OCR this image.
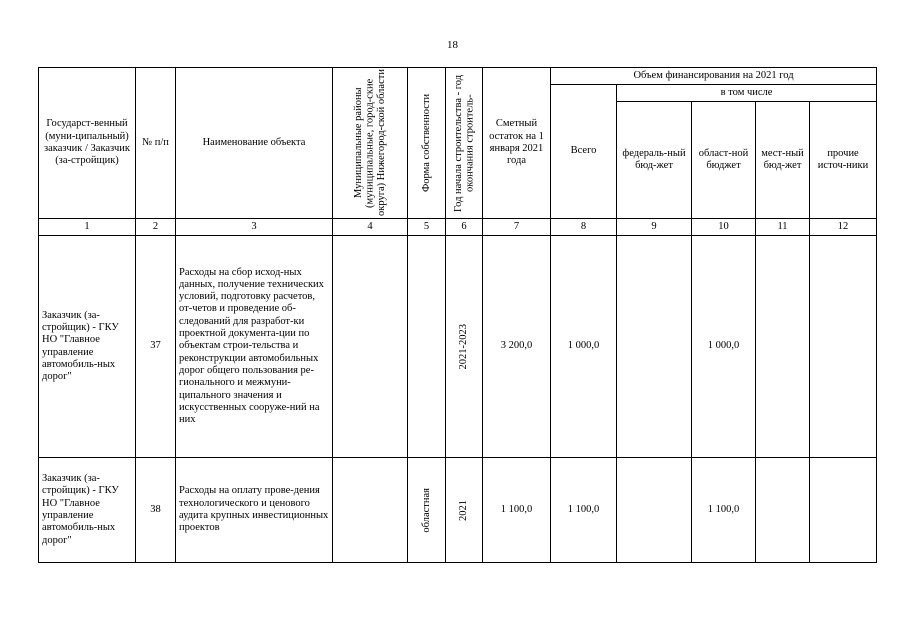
18
Государст-венный (муни-ципальный) заказчик / Заказчик (за-стройщик)	№ п/п	Наименование объекта	Муниципальные районы (муниципальные, город-ские округа) Нижегород-ской области	Форма собственности	Год начала строительства - год окончания строитель-	Сметный остаток на 1 января 2021 года	Объем финансирования на 2021 год				
							Всего	в том числе			
								федераль-ный бюд-жет	област-ной бюджет	мест-ный бюд-жет	прочие источ-ники
1	2	3	4	5	6	7	8	9	10	11	12
Заказчик (за-стройщик) - ГКУ НО "Главное управление автомобиль-ных дорог"	37	Расходы на сбор исход-ных данных, получение технических условий, подготовку расчетов, от-четов и проведение об-следований для разработ-ки проектной документа-ции по объектам строи-тельства и реконструкции автомобильных дорог общего пользования ре-гионального и межмуни-ципального значения и искусственных сооруже-ний на них			2021-2023	3 200,0	1 000,0		1 000,0		
Заказчик (за-стройщик) - ГКУ НО "Главное управление автомобиль-ных дорог"	38	Расходы на оплату прове-дения технологического и ценового аудита крупных инвестиционных проектов		областная	2021	1 100,0	1 100,0		1 100,0		
